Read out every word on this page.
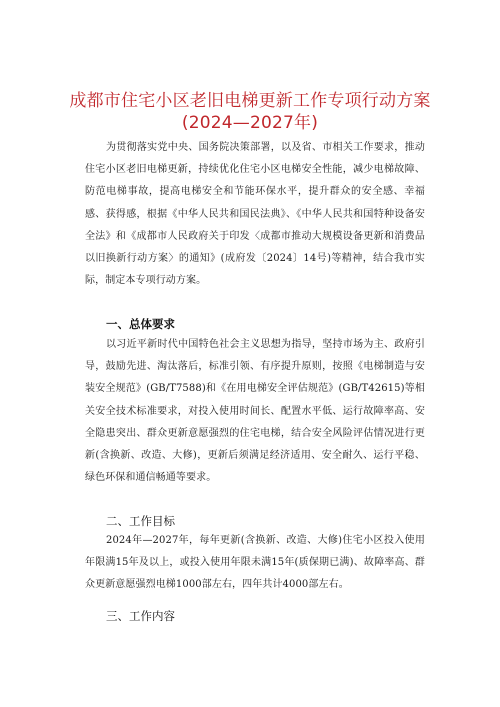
成都市住宅小区老旧电梯更新工作专项行动方案
(2024—2027年)

为贯彻落实党中央、国务院决策部署，以及省、市相关工作要求，推动住宅小区老旧电梯更新，持续优化住宅小区电梯安全性能，减少电梯故障、防范电梯事故，提高电梯安全和节能环保水平，提升群众的安全感、幸福感、获得感，根据《中华人民共和国民法典》、《中华人民共和国特种设备安全法》和《成都市人民政府关于印发〈成都市推动大规模设备更新和消费品以旧换新行动方案〉的通知》(成府发〔2024〕14号)等精神，结合我市实际，制定本专项行动方案。

一、总体要求

以习近平新时代中国特色社会主义思想为指导，坚持市场为主、政府引导，鼓励先进、淘汰落后，标准引领、有序提升原则，按照《电梯制造与安装安全规范》(GB/T7588)和《在用电梯安全评估规范》(GB/T42615)等相关安全技术标准要求，对投入使用时间长、配置水平低、运行故障率高、安全隐患突出、群众更新意愿强烈的住宅电梯，结合安全风险评估情况进行更新(含换新、改造、大修)，更新后须满足经济适用、安全耐久、运行平稳、绿色环保和通信畅通等要求。

二、工作目标

2024年—2027年，每年更新(含换新、改造、大修)住宅小区投入使用年限满15年及以上，或投入使用年限未满15年(质保期已满)、故障率高、群众更新意愿强烈电梯1000部左右，四年共计4000部左右。

三、工作内容
